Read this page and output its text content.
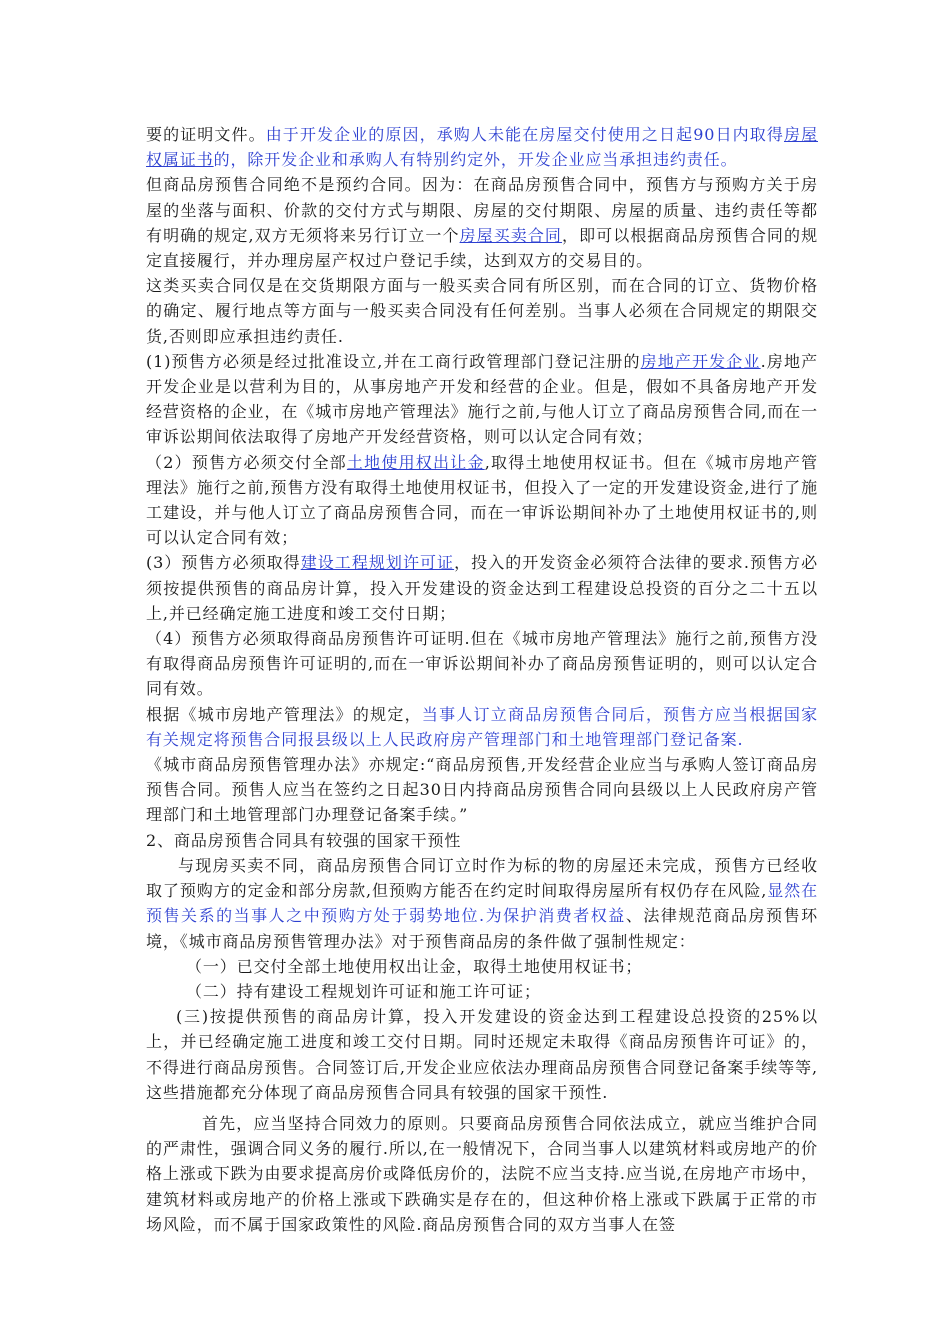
要的证明文件。由于开发企业的原因，承购人未能在房屋交付使用之日起90日内取得房屋权属证书的，除开发企业和承购人有特别约定外，开发企业应当承担违约责任。

但商品房预售合同绝不是预约合同。因为：在商品房预售合同中，预售方与预购方关于房屋的坐落与面积、价款的交付方式与期限、房屋的交付期限、房屋的质量、违约责任等都有明确的规定,双方无须将来另行订立一个房屋买卖合同，即可以根据商品房预售合同的规定直接履行，并办理房屋产权过户登记手续，达到双方的交易目的。

这类买卖合同仅是在交货期限方面与一般买卖合同有所区别，而在合同的订立、货物价格的确定、履行地点等方面与一般买卖合同没有任何差别。当事人必须在合同规定的期限交货,否则即应承担违约责任.

(1)预售方必须是经过批准设立,并在工商行政管理部门登记注册的房地产开发企业.房地产开发企业是以营利为目的，从事房地产开发和经营的企业。但是，假如不具备房地产开发经营资格的企业，在《城市房地产管理法》施行之前,与他人订立了商品房预售合同,而在一审诉讼期间依法取得了房地产开发经营资格，则可以认定合同有效；

（2）预售方必须交付全部土地使用权出让金,取得土地使用权证书。但在《城市房地产管理法》施行之前,预售方没有取得土地使用权证书，但投入了一定的开发建设资金,进行了施工建设，并与他人订立了商品房预售合同，而在一审诉讼期间补办了土地使用权证书的,则可以认定合同有效；

(3）预售方必须取得建设工程规划许可证，投入的开发资金必须符合法律的要求.预售方必须按提供预售的商品房计算，投入开发建设的资金达到工程建设总投资的百分之二十五以上,并已经确定施工进度和竣工交付日期；

（4）预售方必须取得商品房预售许可证明.但在《城市房地产管理法》施行之前,预售方没有取得商品房预售许可证明的,而在一审诉讼期间补办了商品房预售证明的，则可以认定合同有效。

根据《城市房地产管理法》的规定，当事人订立商品房预售合同后，预售方应当根据国家有关规定将预售合同报县级以上人民政府房产管理部门和土地管理部门登记备案.

《城市商品房预售管理办法》亦规定:“商品房预售,开发经营企业应当与承购人签订商品房预售合同。预售人应当在签约之日起30日内持商品房预售合同向县级以上人民政府房产管理部门和土地管理部门办理登记备案手续。”

2、商品房预售合同具有较强的国家干预性

与现房买卖不同，商品房预售合同订立时作为标的物的房屋还未完成，预售方已经收取了预购方的定金和部分房款,但预购方能否在约定时间取得房屋所有权仍存在风险,显然在预售关系的当事人之中预购方处于弱势地位.为保护消费者权益、法律规范商品房预售环境，《城市商品房预售管理办法》对于预售商品房的条件做了强制性规定：

（一）已交付全部土地使用权出让金，取得土地使用权证书；

（二）持有建设工程规划许可证和施工许可证；

(三)按提供预售的商品房计算，投入开发建设的资金达到工程建设总投资的25%以上，并已经确定施工进度和竣工交付日期。同时还规定未取得《商品房预售许可证》的，不得进行商品房预售。合同签订后,开发企业应依法办理商品房预售合同登记备案手续等等,这些措施都充分体现了商品房预售合同具有较强的国家干预性.

首先，应当坚持合同效力的原则。只要商品房预售合同依法成立，就应当维护合同的严肃性，强调合同义务的履行.所以,在一般情况下，合同当事人以建筑材料或房地产的价格上涨或下跌为由要求提高房价或降低房价的，法院不应当支持.应当说,在房地产市场中，建筑材料或房地产的价格上涨或下跌确实是存在的，但这种价格上涨或下跌属于正常的市场风险，而不属于国家政策性的风险.商品房预售合同的双方当事人在签
